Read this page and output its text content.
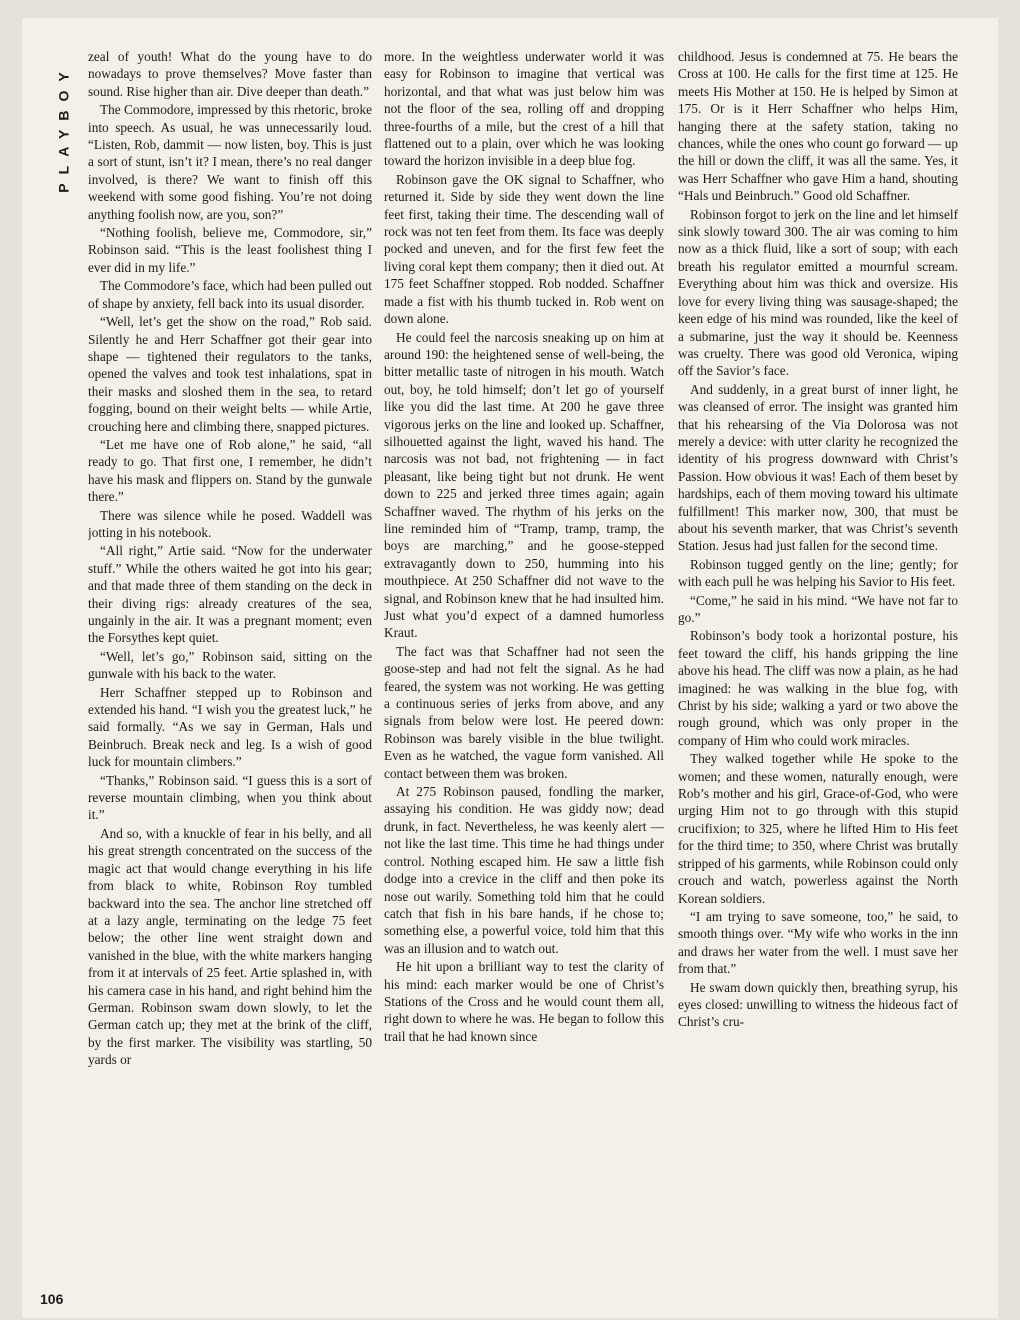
PLAYBOY
106

zeal of youth! What do the young have to do nowadays to prove themselves? Move faster than sound. Rise higher than air. Dive deeper than death.”

The Commodore, impressed by this rhetoric, broke into speech. As usual, he was unnecessarily loud. “Listen, Rob, dammit — now listen, boy. This is just a sort of stunt, isn’t it? I mean, there’s no real danger involved, is there? We want to finish off this weekend with some good fishing. You’re not doing anything foolish now, are you, son?”

“Nothing foolish, believe me, Commodore, sir,” Robinson said. “This is the least foolishest thing I ever did in my life.”

The Commodore’s face, which had been pulled out of shape by anxiety, fell back into its usual disorder.

“Well, let’s get the show on the road,” Rob said. Silently he and Herr Schaffner got their gear into shape — tightened their regulators to the tanks, opened the valves and took test inhalations, spat in their masks and sloshed them in the sea, to retard fogging, bound on their weight belts — while Artie, crouching here and climbing there, snapped pictures.

“Let me have one of Rob alone,” he said, “all ready to go. That first one, I remember, he didn’t have his mask and flippers on. Stand by the gunwale there.”

There was silence while he posed. Waddell was jotting in his notebook.

“All right,” Artie said. “Now for the underwater stuff.” While the others waited he got into his gear; and that made three of them standing on the deck in their diving rigs: already creatures of the sea, ungainly in the air. It was a pregnant moment; even the Forsythes kept quiet.

“Well, let’s go,” Robinson said, sitting on the gunwale with his back to the water.

Herr Schaffner stepped up to Robinson and extended his hand. “I wish you the greatest luck,” he said formally. “As we say in German, Hals und Beinbruch. Break neck and leg. Is a wish of good luck for mountain climbers.”

“Thanks,” Robinson said. “I guess this is a sort of reverse mountain climbing, when you think about it.”

And so, with a knuckle of fear in his belly, and all his great strength concentrated on the success of the magic act that would change everything in his life from black to white, Robinson Roy tumbled backward into the sea. The anchor line stretched off at a lazy angle, terminating on the ledge 75 feet below; the other line went straight down and vanished in the blue, with the white markers hanging from it at intervals of 25 feet. Artie splashed in, with his camera case in his hand, and right behind him the German. Robinson swam down slowly, to let the German catch up; they met at the brink of the cliff, by the first marker. The visibility was startling, 50 yards or

more. In the weightless underwater world it was easy for Robinson to imagine that vertical was horizontal, and that what was just below him was not the floor of the sea, rolling off and dropping three-fourths of a mile, but the crest of a hill that flattened out to a plain, over which he was looking toward the horizon invisible in a deep blue fog.

Robinson gave the OK signal to Schaffner, who returned it. Side by side they went down the line feet first, taking their time. The descending wall of rock was not ten feet from them. Its face was deeply pocked and uneven, and for the first few feet the living coral kept them company; then it died out. At 175 feet Schaffner stopped. Rob nodded. Schaffner made a fist with his thumb tucked in. Rob went on down alone.

He could feel the narcosis sneaking up on him at around 190: the heightened sense of well-being, the bitter metallic taste of nitrogen in his mouth. Watch out, boy, he told himself; don’t let go of yourself like you did the last time. At 200 he gave three vigorous jerks on the line and looked up. Schaffner, silhouetted against the light, waved his hand. The narcosis was not bad, not frightening — in fact pleasant, like being tight but not drunk. He went down to 225 and jerked three times again; again Schaffner waved. The rhythm of his jerks on the line reminded him of “Tramp, tramp, tramp, the boys are marching,” and he goose-stepped extravagantly down to 250, humming into his mouthpiece. At 250 Schaffner did not wave to the signal, and Robinson knew that he had insulted him. Just what you’d expect of a damned humorless Kraut.

The fact was that Schaffner had not seen the goose-step and had not felt the signal. As he had feared, the system was not working. He was getting a continuous series of jerks from above, and any signals from below were lost. He peered down: Robinson was barely visible in the blue twilight. Even as he watched, the vague form vanished. All contact between them was broken.

At 275 Robinson paused, fondling the marker, assaying his condition. He was giddy now; dead drunk, in fact. Nevertheless, he was keenly alert — not like the last time. This time he had things under control. Nothing escaped him. He saw a little fish dodge into a crevice in the cliff and then poke its nose out warily. Something told him that he could catch that fish in his bare hands, if he chose to; something else, a powerful voice, told him that this was an illusion and to watch out.

He hit upon a brilliant way to test the clarity of his mind: each marker would be one of Christ’s Stations of the Cross and he would count them all, right down to where he was. He began to follow this trail that he had known since

childhood. Jesus is condemned at 75. He bears the Cross at 100. He calls for the first time at 125. He meets His Mother at 150. He is helped by Simon at 175. Or is it Herr Schaffner who helps Him, hanging there at the safety station, taking no chances, while the ones who count go forward — up the hill or down the cliff, it was all the same. Yes, it was Herr Schaffner who gave Him a hand, shouting “Hals und Beinbruch.” Good old Schaffner.

Robinson forgot to jerk on the line and let himself sink slowly toward 300. The air was coming to him now as a thick fluid, like a sort of soup; with each breath his regulator emitted a mournful scream. Everything about him was thick and oversize. His love for every living thing was sausage-shaped; the keen edge of his mind was rounded, like the keel of a submarine, just the way it should be. Keenness was cruelty. There was good old Veronica, wiping off the Savior’s face.

And suddenly, in a great burst of inner light, he was cleansed of error. The insight was granted him that his rehearsing of the Via Dolorosa was not merely a device: with utter clarity he recognized the identity of his progress downward with Christ’s Passion. How obvious it was! Each of them beset by hardships, each of them moving toward his ultimate fulfillment! This marker now, 300, that must be about his seventh marker, that was Christ’s seventh Station. Jesus had just fallen for the second time.

Robinson tugged gently on the line; gently; for with each pull he was helping his Savior to His feet.

“Come,” he said in his mind. “We have not far to go.”

Robinson’s body took a horizontal posture, his feet toward the cliff, his hands gripping the line above his head. The cliff was now a plain, as he had imagined: he was walking in the blue fog, with Christ by his side; walking a yard or two above the rough ground, which was only proper in the company of Him who could work miracles.

They walked together while He spoke to the women; and these women, naturally enough, were Rob’s mother and his girl, Grace-of-God, who were urging Him not to go through with this stupid crucifixion; to 325, where he lifted Him to His feet for the third time; to 350, where Christ was brutally stripped of his garments, while Robinson could only crouch and watch, powerless against the North Korean soldiers.

“I am trying to save someone, too,” he said, to smooth things over. “My wife who works in the inn and draws her water from the well. I must save her from that.”

He swam down quickly then, breathing syrup, his eyes closed: unwilling to witness the hideous fact of Christ’s cru-
